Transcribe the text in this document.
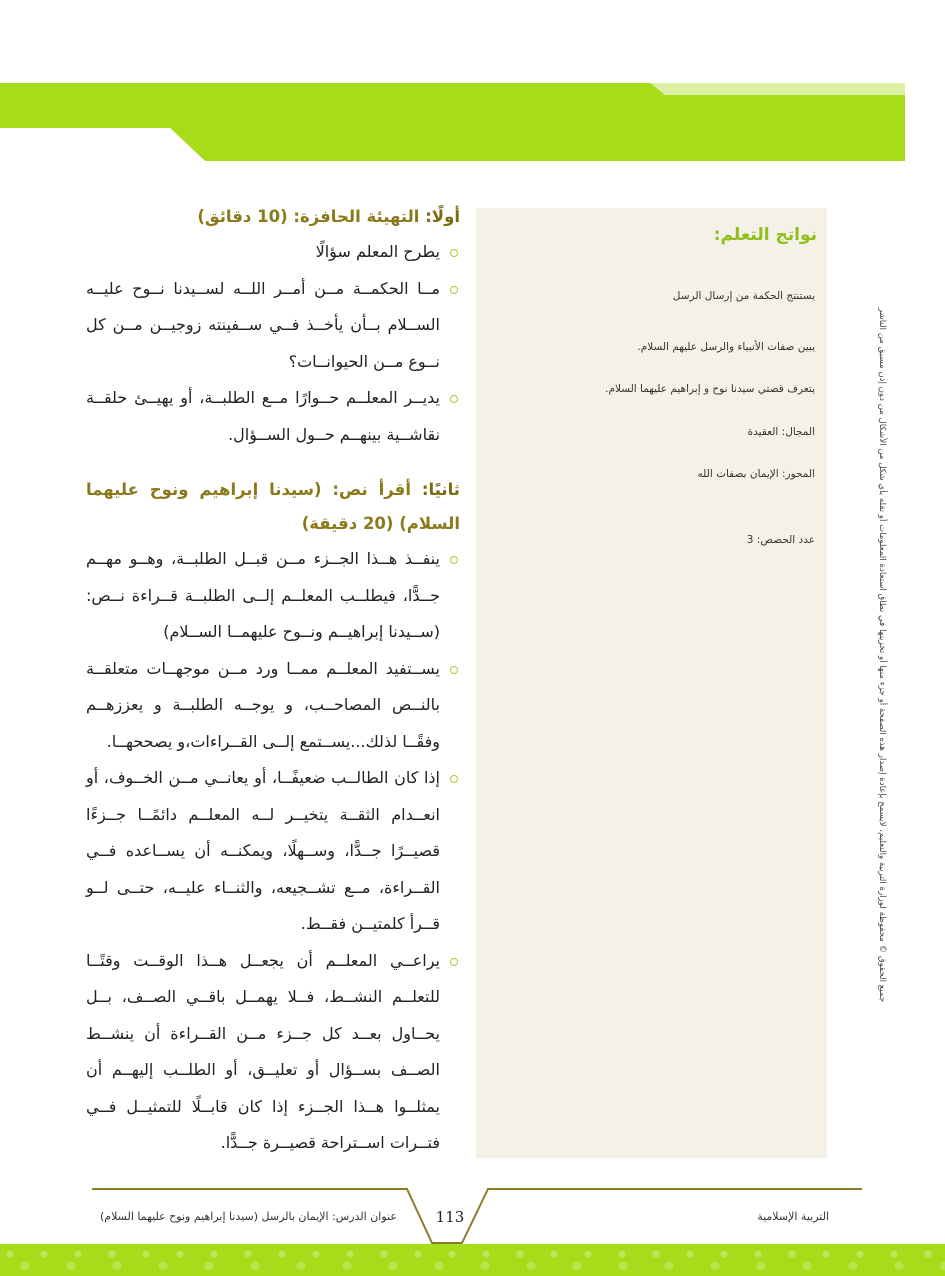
جميع الحقوق © محفوظة لوزارة التربية والتعليم، لايسمح بإعادة إصدار هذه الصفحة أو جزء منها أو تخزينها في نطاق استعادة المعلومات أو نقله بأي شكل من الأشكال من دون إذن مسبق من الناشر
نواتج التعلم:
يستنتج الحكمة من إرسال الرسل
يبين صفات الأنبياء والرسل عليهم السلام.
يتعرف قصتي سيدنا نوح و إبراهيم عليهما السلام.
المجال: العقيدة
المحور: الإيمان بصفات الله
عدد الحصص: 3
أولًا: التهيئة الحافزة: (10 دقائق)
يطرح المعلم سؤالًا
مــا الحكمــة مــن أمــر اللــه لســيدنا نــوح عليــه الســلام بــأن يأخــذ فــي ســفينته زوجيــن مــن كل نــوع مــن الحيوانــات؟
يديــر المعلــم حــوارًا مــع الطلبــة، أو يهيــئ حلقــة نقاشــية بينهــم حــول الســؤال.
ثانيًا: أقرأ نص: (سيدنا إبراهيم ونوح عليهما السلام) (20 دقيقة)
ينفــذ هــذا الجــزء مــن قبــل الطلبــة، وهــو مهــم جــدًّا، فيطلــب المعلــم إلــى الطلبــة قــراءة نــص: (ســيدنا إبراهيــم ونــوح عليهمــا الســلام)
يســتفيد المعلــم ممــا ورد مــن موجهــات متعلقــة بالنــص المصاحــب، و يوجــه الطلبــة و يعززهــم وفقًــا لذلك...يســتمع إلــى القــراءات،و يصححهــا.
إذا كان الطالــب ضعيفًــا، أو يعانــي مــن الخــوف، أو انعــدام الثقــة يتخيــر لــه المعلــم دائمًــا جــزءًا قصيــرًا جــدًّا، وســهلًا، ويمكنــه أن يســاعده فــي القــراءة، مــع تشــجيعه، والثنــاء عليــه، حتــى لــو قــرأ كلمتيــن فقــط.
يراعــي المعلــم أن يجعــل هــذا الوقــت وقتًــا للتعلــم النشــط، فــلا يهمــل باقــي الصــف، بــل يحــاول بعــد كل جــزء مــن القــراءة أن ينشــط الصــف بســؤال أو تعليــق، أو الطلــب إليهــم أن يمثلــوا هــذا الجــزء إذا كان قابــلًا للتمثيــل فــي فتــرات اســتراحة قصيــرة جــدًّا.
عنوان الدرس: الإيمان بالرسل (سيدنا إبراهيم ونوح عليهما السلام)	113	التربية الإسلامية
